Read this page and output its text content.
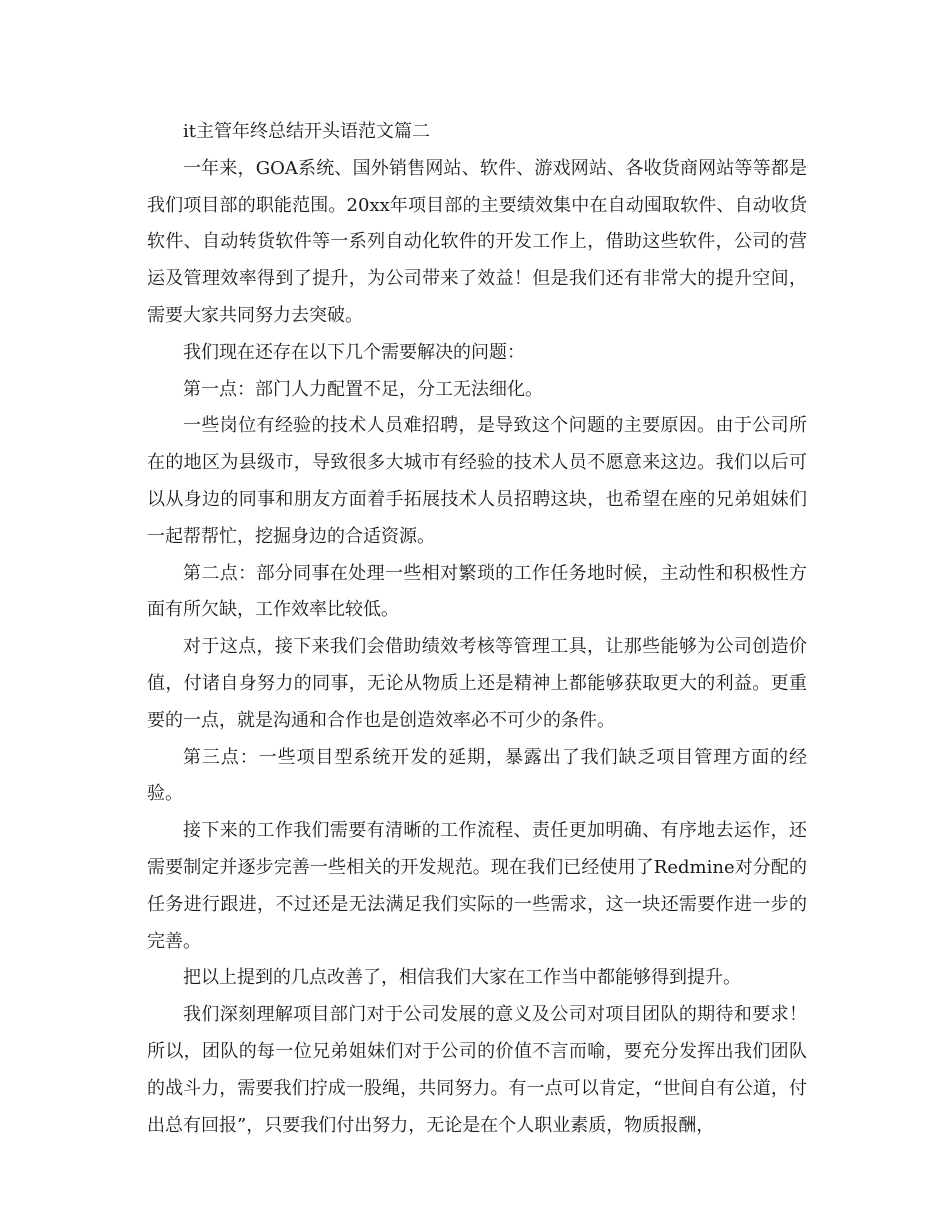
it主管年终总结开头语范文篇二

一年来，GOA系统、国外销售网站、软件、游戏网站、各收货商网站等等都是我们项目部的职能范围。20xx年项目部的主要绩效集中在自动囤取软件、自动收货软件、自动转货软件等一系列自动化软件的开发工作上，借助这些软件，公司的营运及管理效率得到了提升，为公司带来了效益！但是我们还有非常大的提升空间，需要大家共同努力去突破。

我们现在还存在以下几个需要解决的问题：

第一点：部门人力配置不足，分工无法细化。

一些岗位有经验的技术人员难招聘，是导致这个问题的主要原因。由于公司所在的地区为县级市，导致很多大城市有经验的技术人员不愿意来这边。我们以后可以从身边的同事和朋友方面着手拓展技术人员招聘这块，也希望在座的兄弟姐妹们一起帮帮忙，挖掘身边的合适资源。

第二点：部分同事在处理一些相对繁琐的工作任务地时候，主动性和积极性方面有所欠缺，工作效率比较低。

对于这点，接下来我们会借助绩效考核等管理工具，让那些能够为公司创造价值，付诸自身努力的同事，无论从物质上还是精神上都能够获取更大的利益。更重要的一点，就是沟通和合作也是创造效率必不可少的条件。

第三点：一些项目型系统开发的延期，暴露出了我们缺乏项目管理方面的经验。

接下来的工作我们需要有清晰的工作流程、责任更加明确、有序地去运作，还需要制定并逐步完善一些相关的开发规范。现在我们已经使用了Redmine对分配的任务进行跟进，不过还是无法满足我们实际的一些需求，这一块还需要作进一步的完善。

把以上提到的几点改善了，相信我们大家在工作当中都能够得到提升。

我们深刻理解项目部门对于公司发展的意义及公司对项目团队的期待和要求！所以，团队的每一位兄弟姐妹们对于公司的价值不言而喻，要充分发挥出我们团队的战斗力，需要我们拧成一股绳，共同努力。有一点可以肯定，“世间自有公道，付出总有回报”，只要我们付出努力，无论是在个人职业素质，物质报酬，
